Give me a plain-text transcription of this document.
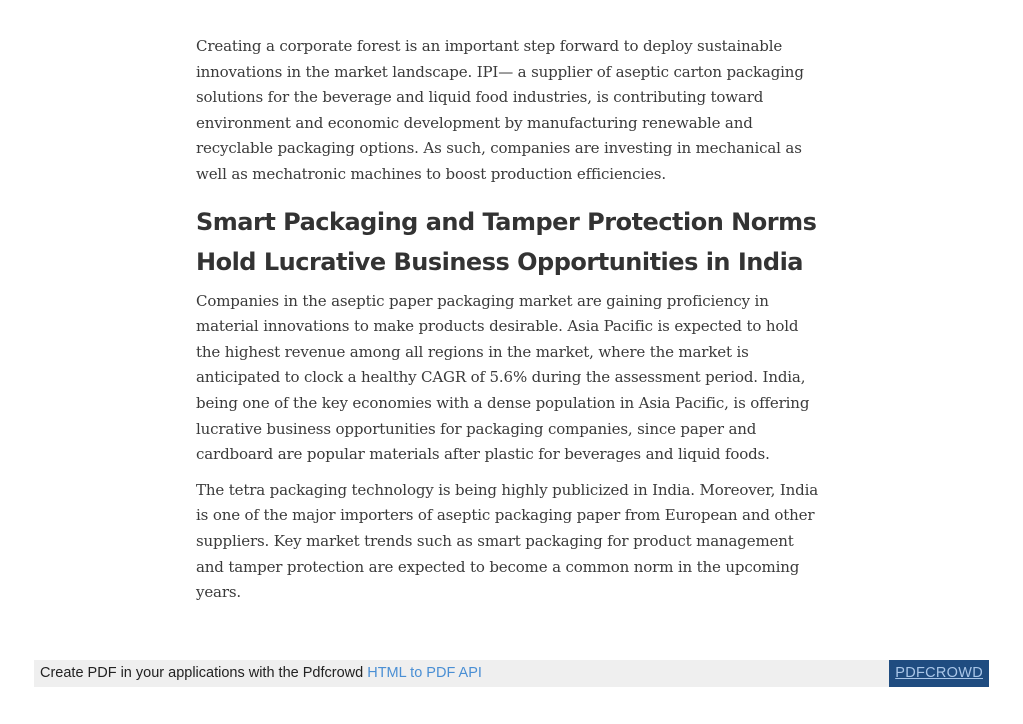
Creating a corporate forest is an important step forward to deploy sustainable innovations in the market landscape. IPI— a supplier of aseptic carton packaging solutions for the beverage and liquid food industries, is contributing toward environment and economic development by manufacturing renewable and recyclable packaging options. As such, companies are investing in mechanical as well as mechatronic machines to boost production efficiencies.

Smart Packaging and Tamper Protection Norms Hold Lucrative Business Opportunities in India

Companies in the aseptic paper packaging market are gaining proficiency in material innovations to make products desirable. Asia Pacific is expected to hold the highest revenue among all regions in the market, where the market is anticipated to clock a healthy CAGR of 5.6% during the assessment period. India, being one of the key economies with a dense population in Asia Pacific, is offering lucrative business opportunities for packaging companies, since paper and cardboard are popular materials after plastic for beverages and liquid foods.

The tetra packaging technology is being highly publicized in India. Moreover, India is one of the major importers of aseptic packaging paper from European and other suppliers. Key market trends such as smart packaging for product management and tamper protection are expected to become a common norm in the upcoming years.

Create PDF in your applications with the Pdfcrowd HTML to PDF API	PDFCROWD
